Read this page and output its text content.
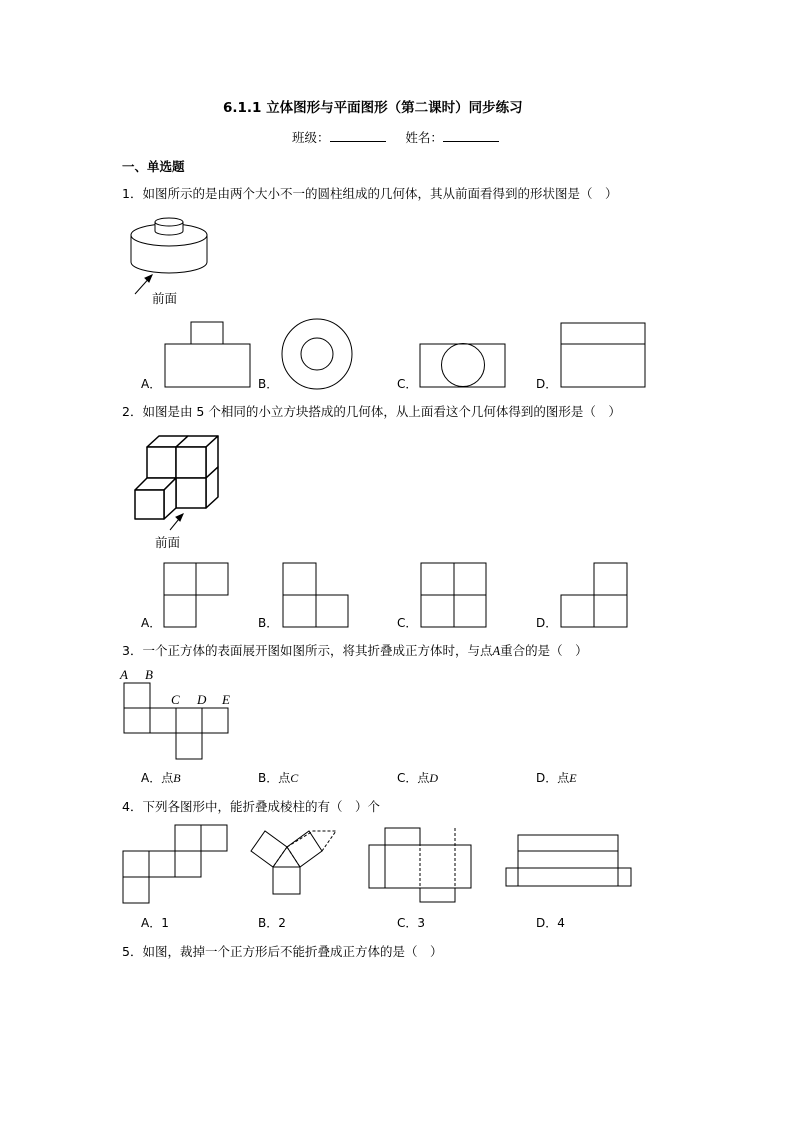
6.1.1 立体图形与平面图形（第二课时）同步练习
班级：	姓名：
一、单选题
1．如图所示的是由两个大小不一的圆柱组成的几何体，其从前面看得到的形状图是（　）
前面
A．	B．	C．	D．
2．如图是由 5 个相同的小立方块搭成的几何体，从上面看这个几何体得到的图形是（　）
前面
A．	B．	C．	D．
3．一个正方体的表面展开图如图所示，将其折叠成正方体时，与点A重合的是（　）
A B
C D E
A．点B	B．点C	C．点D	D．点E
4．下列各图形中，能折叠成棱柱的有（　）个
A．1	B．2	C．3	D．4
5．如图，裁掉一个正方形后不能折叠成正方体的是（　）
